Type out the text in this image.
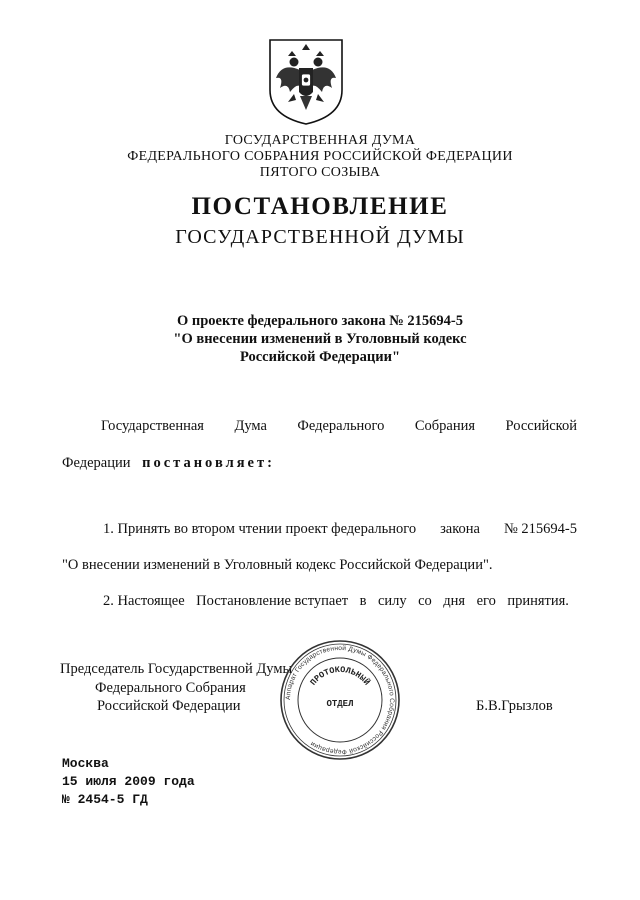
ГОСУДАРСТВЕННАЯ ДУМА
ФЕДЕРАЛЬНОГО СОБРАНИЯ РОССИЙСКОЙ ФЕДЕРАЦИИ
ПЯТОГО СОЗЫВА
ПОСТАНОВЛЕНИЕ
ГОСУДАРСТВЕННОЙ ДУМЫ
О проекте федерального закона № 215694-5
"О внесении изменений в Уголовный кодекс
Российской Федерации"
Государственная Дума Федерального Собрания Российской
Федерации постановляет:
1. Принять во втором чтении проект федерального закона № 215694-5
"О внесении изменений в Уголовный кодекс Российской Федерации".
2. Настоящее Постановление вступает в силу со дня его принятия.
Председатель Государственной Думы
Федерального Собрания
Российской Федерации	Б.В.Грызлов
Аппарат Государственной Думы Федерального Собрания Российской Федерации
ПРОТОКОЛЬНЫЙ
ОТДЕЛ
Москва
15 июля 2009 года
№ 2454-5 ГД
